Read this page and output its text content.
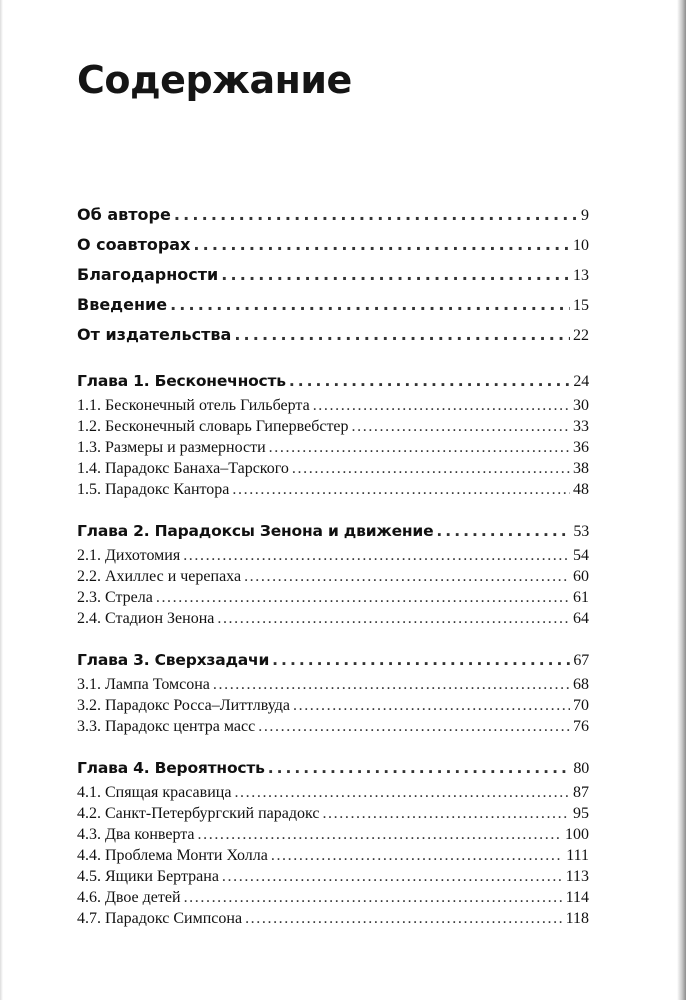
Содержание
Об авторе . . .	9
О соавторах . . .	10
Благодарности . . .	13
Введение . . .	15
От издательства . . .	22
Глава 1. Бесконечность . . .	24
1.1. Бесконечный отель Гильберта . . .	30
1.2. Бесконечный словарь Гипервебстер . . .	33
1.3. Размеры и размерности . . .	36
1.4. Парадокс Банаха–Тарского . . .	38
1.5. Парадокс Кантора . . .	48
Глава 2. Парадоксы Зенона и движение . . .	53
2.1. Дихотомия . . .	54
2.2. Ахиллес и черепаха . . .	60
2.3. Стрела . . .	61
2.4. Стадион Зенона . . .	64
Глава 3. Сверхзадачи . . .	67
3.1. Лампа Томсона . . .	68
3.2. Парадокс Росса–Литтлвуда . . .	70
3.3. Парадокс центра масс . . .	76
Глава 4. Вероятность . . .	80
4.1. Спящая красавица . . .	87
4.2. Санкт-Петербургский парадокс . . .	95
4.3. Два конверта . . .	100
4.4. Проблема Монти Холла . . .	111
4.5. Ящики Бертрана . . .	113
4.6. Двое детей . . .	114
4.7. Парадокс Симпсона . . .	118
